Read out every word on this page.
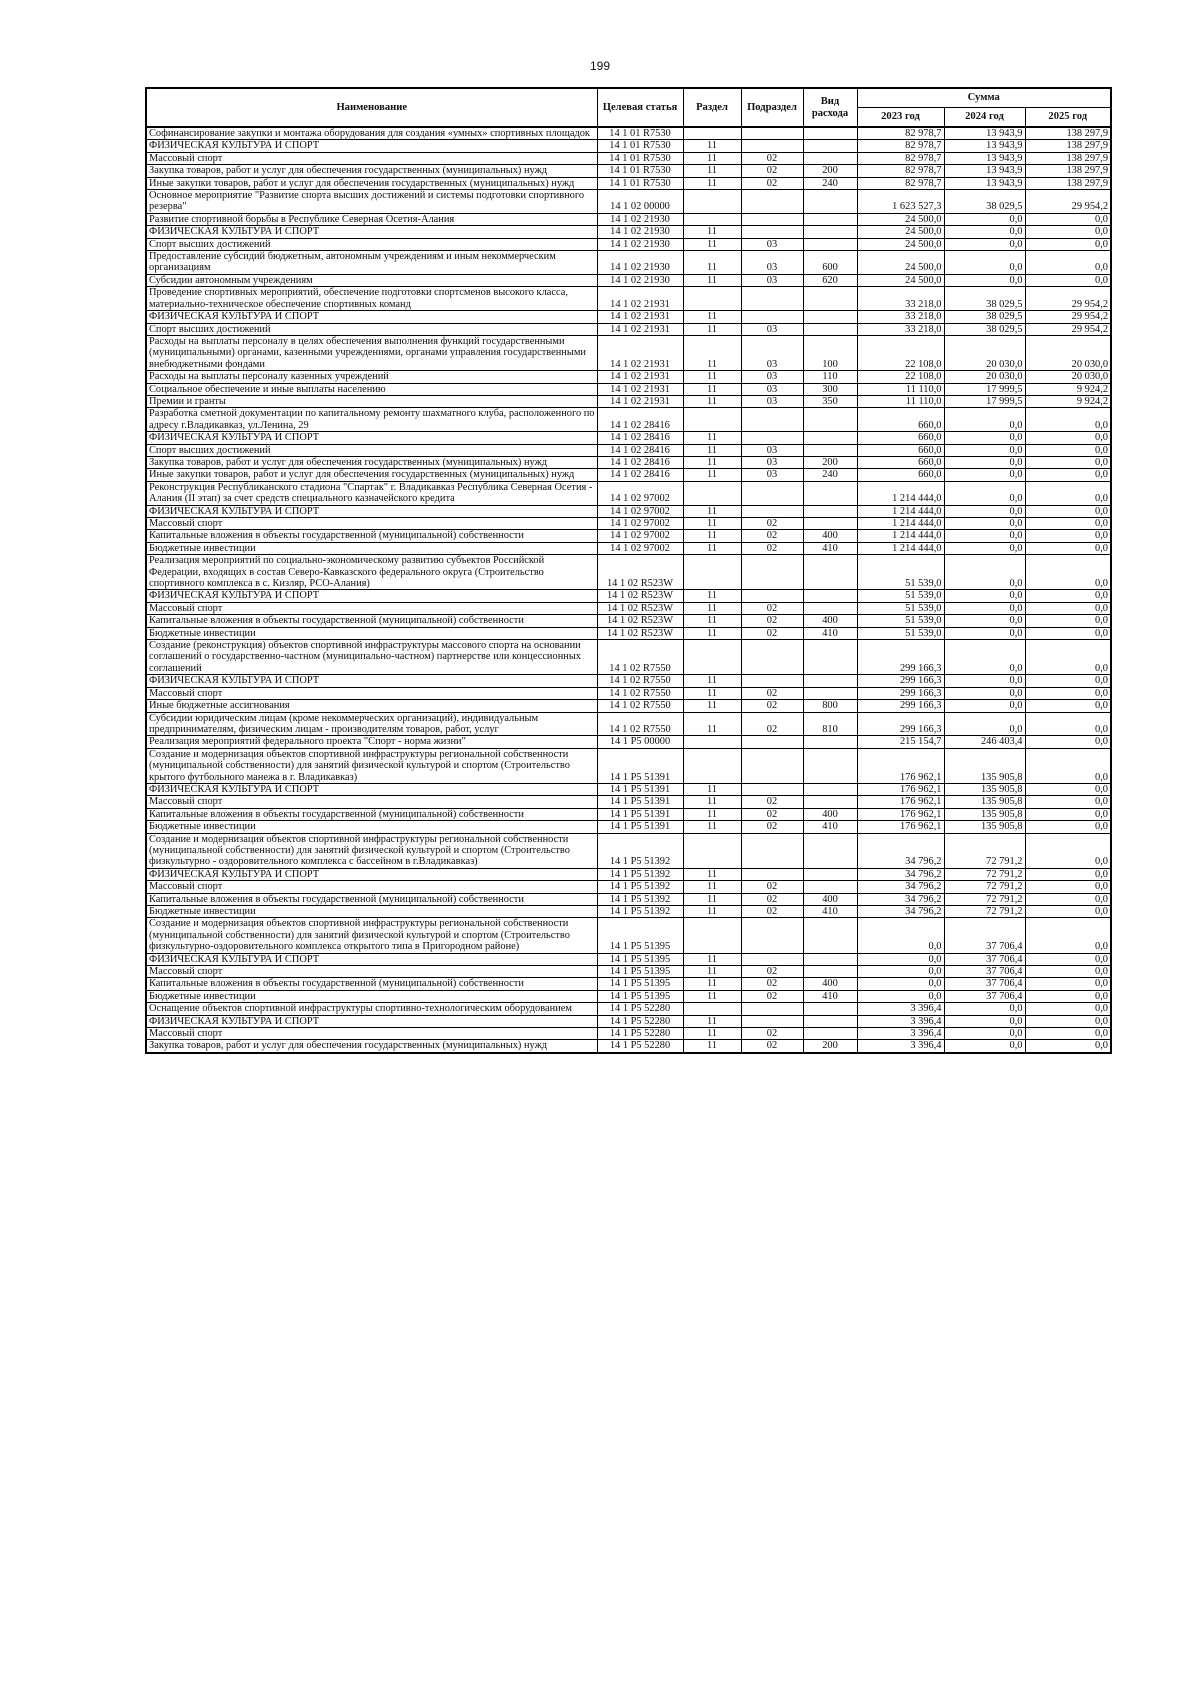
199
Наименование	Целевая статья	Раздел	Подраздел	Вид
расхода	Сумма		
					2023 год	2024 год	2025 год
Софинансирование закупки и монтажа оборудования для создания «умных» спортивных площадок	14 1 01 R7530				82 978,7	13 943,9	138 297,9
ФИЗИЧЕСКАЯ КУЛЬТУРА И СПОРТ	14 1 01 R7530	11			82 978,7	13 943,9	138 297,9
Массовый спорт	14 1 01 R7530	11	02		82 978,7	13 943,9	138 297,9
Закупка товаров, работ и услуг для обеспечения государственных (муниципальных) нужд	14 1 01 R7530	11	02	200	82 978,7	13 943,9	138 297,9
Иные закупки товаров, работ и услуг для обеспечения государственных (муниципальных) нужд	14 1 01 R7530	11	02	240	82 978,7	13 943,9	138 297,9
Основное мероприятие "Развитие спорта высших достижений и системы подготовки спортивного резерва"	14 1 02 00000				1 623 527,3	38 029,5	29 954,2
Развитие спортивной борьбы в Республике Северная Осетия-Алания	14 1 02 21930				24 500,0	0,0	0,0
ФИЗИЧЕСКАЯ КУЛЬТУРА И СПОРТ	14 1 02 21930	11			24 500,0	0,0	0,0
Спорт высших достижений	14 1 02 21930	11	03		24 500,0	0,0	0,0
Предоставление субсидий бюджетным, автономным учреждениям и иным некоммерческим организациям	14 1 02 21930	11	03	600	24 500,0	0,0	0,0
Субсидии автономным учреждениям	14 1 02 21930	11	03	620	24 500,0	0,0	0,0
Проведение спортивных мероприятий, обеспечение подготовки спортсменов высокого класса, материально-техническое обеспечение спортивных команд	14 1 02 21931				33 218,0	38 029,5	29 954,2
ФИЗИЧЕСКАЯ КУЛЬТУРА И СПОРТ	14 1 02 21931	11			33 218,0	38 029,5	29 954,2
Спорт высших достижений	14 1 02 21931	11	03		33 218,0	38 029,5	29 954,2
Расходы на выплаты персоналу в целях обеспечения выполнения функций государственными (муниципальными) органами, казенными учреждениями, органами управления государственными внебюджетными фондами	14 1 02 21931	11	03	100	22 108,0	20 030,0	20 030,0
Расходы на выплаты персоналу казенных учреждений	14 1 02 21931	11	03	110	22 108,0	20 030,0	20 030,0
Социальное обеспечение и иные выплаты населению	14 1 02 21931	11	03	300	11 110,0	17 999,5	9 924,2
Премии и гранты	14 1 02 21931	11	03	350	11 110,0	17 999,5	9 924,2
Разработка сметной документации по капитальному ремонту шахматного клуба, расположенного по адресу г.Владикавказ, ул.Ленина, 29	14 1 02 28416				660,0	0,0	0,0
ФИЗИЧЕСКАЯ КУЛЬТУРА И СПОРТ	14 1 02 28416	11			660,0	0,0	0,0
Спорт высших достижений	14 1 02 28416	11	03		660,0	0,0	0,0
Закупка товаров, работ и услуг для обеспечения государственных (муниципальных) нужд	14 1 02 28416	11	03	200	660,0	0,0	0,0
Иные закупки товаров, работ и услуг для обеспечения государственных (муниципальных) нужд	14 1 02 28416	11	03	240	660,0	0,0	0,0
Реконструкция Республиканского стадиона "Спартак" г. Владикавказ Республика Северная Осетия - Алания (II этап) за счет средств специального казначейского кредита	14 1 02 97002				1 214 444,0	0,0	0,0
ФИЗИЧЕСКАЯ КУЛЬТУРА И СПОРТ	14 1 02 97002	11			1 214 444,0	0,0	0,0
Массовый спорт	14 1 02 97002	11	02		1 214 444,0	0,0	0,0
Капитальные вложения в объекты государственной (муниципальной) собственности	14 1 02 97002	11	02	400	1 214 444,0	0,0	0,0
Бюджетные инвестиции	14 1 02 97002	11	02	410	1 214 444,0	0,0	0,0
Реализация мероприятий по социально-экономическому развитию субъектов Российской Федерации, входящих в состав Северо-Кавказского федерального округа (Строительство спортивного комплекса в с. Кизляр, РСО-Алания)	14 1 02 R523W				51 539,0	0,0	0,0
ФИЗИЧЕСКАЯ КУЛЬТУРА И СПОРТ	14 1 02 R523W	11			51 539,0	0,0	0,0
Массовый спорт	14 1 02 R523W	11	02		51 539,0	0,0	0,0
Капитальные вложения в объекты государственной (муниципальной) собственности	14 1 02 R523W	11	02	400	51 539,0	0,0	0,0
Бюджетные инвестиции	14 1 02 R523W	11	02	410	51 539,0	0,0	0,0
Создание (реконструкция) объектов спортивной инфраструктуры массового спорта на основании соглашений о государственно-частном (муниципально-частном) партнерстве или концессионных соглашений	14 1 02 R7550				299 166,3	0,0	0,0
ФИЗИЧЕСКАЯ КУЛЬТУРА И СПОРТ	14 1 02 R7550	11			299 166,3	0,0	0,0
Массовый спорт	14 1 02 R7550	11	02		299 166,3	0,0	0,0
Иные бюджетные ассигнования	14 1 02 R7550	11	02	800	299 166,3	0,0	0,0
Субсидии юридическим лицам (кроме некоммерческих организаций), индивидуальным предпринимателям, физическим лицам - производителям товаров, работ, услуг	14 1 02 R7550	11	02	810	299 166,3	0,0	0,0
Реализация мероприятий федерального проекта "Спорт - норма жизни"	14 1 P5 00000				215 154,7	246 403,4	0,0
Создание и модернизация объектов спортивной инфраструктуры региональной собственности (муниципальной собственности) для занятий физической культурой и спортом (Строительство крытого футбольного манежа в г. Владикавказ)	14 1 P5 51391				176 962,1	135 905,8	0,0
ФИЗИЧЕСКАЯ КУЛЬТУРА И СПОРТ	14 1 P5 51391	11			176 962,1	135 905,8	0,0
Массовый спорт	14 1 P5 51391	11	02		176 962,1	135 905,8	0,0
Капитальные вложения в объекты государственной (муниципальной) собственности	14 1 P5 51391	11	02	400	176 962,1	135 905,8	0,0
Бюджетные инвестиции	14 1 P5 51391	11	02	410	176 962,1	135 905,8	0,0
Создание и модернизация объектов спортивной инфраструктуры региональной собственности (муниципальной собственности) для занятий физической культурой и спортом (Строительство физкультурно - оздоровительного комплекса с бассейном в г.Владикавказ)	14 1 P5 51392				34 796,2	72 791,2	0,0
ФИЗИЧЕСКАЯ КУЛЬТУРА И СПОРТ	14 1 P5 51392	11			34 796,2	72 791,2	0,0
Массовый спорт	14 1 P5 51392	11	02		34 796,2	72 791,2	0,0
Капитальные вложения в объекты государственной (муниципальной) собственности	14 1 P5 51392	11	02	400	34 796,2	72 791,2	0,0
Бюджетные инвестиции	14 1 P5 51392	11	02	410	34 796,2	72 791,2	0,0
Создание и модернизация объектов спортивной инфраструктуры региональной собственности (муниципальной собственности) для занятий физической культурой и спортом (Строительство физкультурно-оздоровительного комплекса открытого типа в Пригородном районе)	14 1 P5 51395				0,0	37 706,4	0,0
ФИЗИЧЕСКАЯ КУЛЬТУРА И СПОРТ	14 1 P5 51395	11			0,0	37 706,4	0,0
Массовый спорт	14 1 P5 51395	11	02		0,0	37 706,4	0,0
Капитальные вложения в объекты государственной (муниципальной) собственности	14 1 P5 51395	11	02	400	0,0	37 706,4	0,0
Бюджетные инвестиции	14 1 P5 51395	11	02	410	0,0	37 706,4	0,0
Оснащение объектов спортивной инфраструктуры спортивно-технологическим оборудованием	14 1 P5 52280				3 396,4	0,0	0,0
ФИЗИЧЕСКАЯ КУЛЬТУРА И СПОРТ	14 1 P5 52280	11			3 396,4	0,0	0,0
Массовый спорт	14 1 P5 52280	11	02		3 396,4	0,0	0,0
Закупка товаров, работ и услуг для обеспечения государственных (муниципальных) нужд	14 1 P5 52280	11	02	200	3 396,4	0,0	0,0
